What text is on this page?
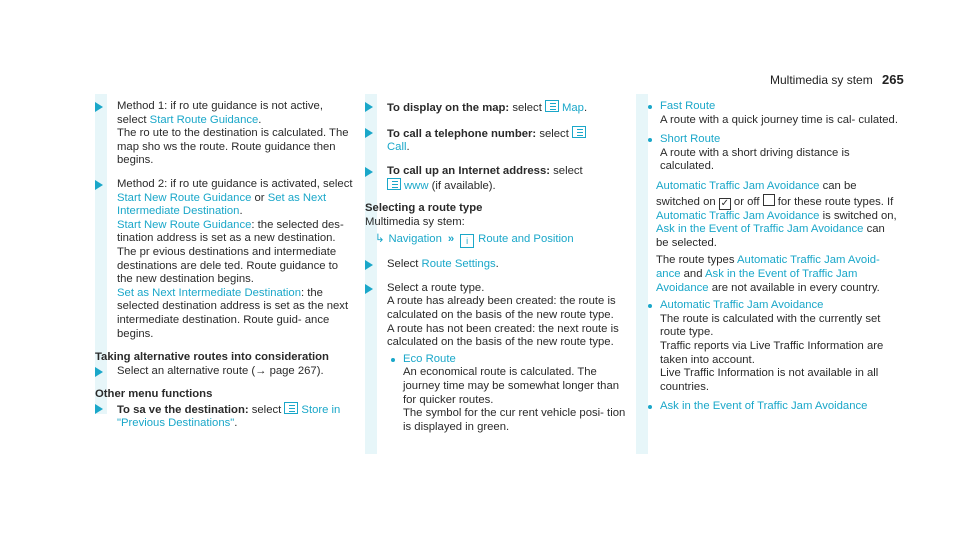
Multimedia sy stem 265

Method 1: if ro ute guidance is not active, select Start Route Guidance.

The ro ute to the destination is calculated. The map sho ws the route. Route guidance then begins.

Method 2: if ro ute guidance is activated, select Start New Route Guidance or Set as Next Intermediate Destination.

Start New Route Guidance: the selected des- tination address is set as a new destination. The pr evious destinations and intermediate destinations are dele ted. Route guidance to the new destination begins.

Set as Next Intermediate Destination: the selected destination address is set as the next intermediate destination. Route guid- ance begins.

Taking alternative routes into consideration

Select an alternative route (→ page 267).

Other menu functions

To sa ve the destination: select Store in "Previous Destinations".

To display on the map: select Map.

To call a telephone number: select
Call.

To call up an Internet address: select
www (if available).

Selecting a route type

Multimedia sy stem:

↳ Navigation » i Route and Position

Select Route Settings.

Select a route type.

A route has already been created: the route is calculated on the basis of the new route type.

A route has not been created: the next route is calculated on the basis of the new route type.

Eco Route

An economical route is calculated. The journey time may be somewhat longer than for quicker routes.

The symbol for the cur rent vehicle posi- tion is displayed in green.

Fast Route

A route with a quick journey time is cal- culated.

Short Route

A route with a short driving distance is calculated.

Automatic Traffic Jam Avoidance can be switched on ✓ or off  for these route types. If Automatic Traffic Jam Avoidance is switched on, Ask in the Event of Traffic Jam Avoidance can be selected.

The route types Automatic Traffic Jam Avoid- ance and Ask in the Event of Traffic Jam Avoidance are not available in every country.

Automatic Traffic Jam Avoidance

The route is calculated with the currently set route type.

Traffic reports via Live Traffic Information are taken into account.

Live Traffic Information is not available in all countries.

Ask in the Event of Traffic Jam Avoidance
